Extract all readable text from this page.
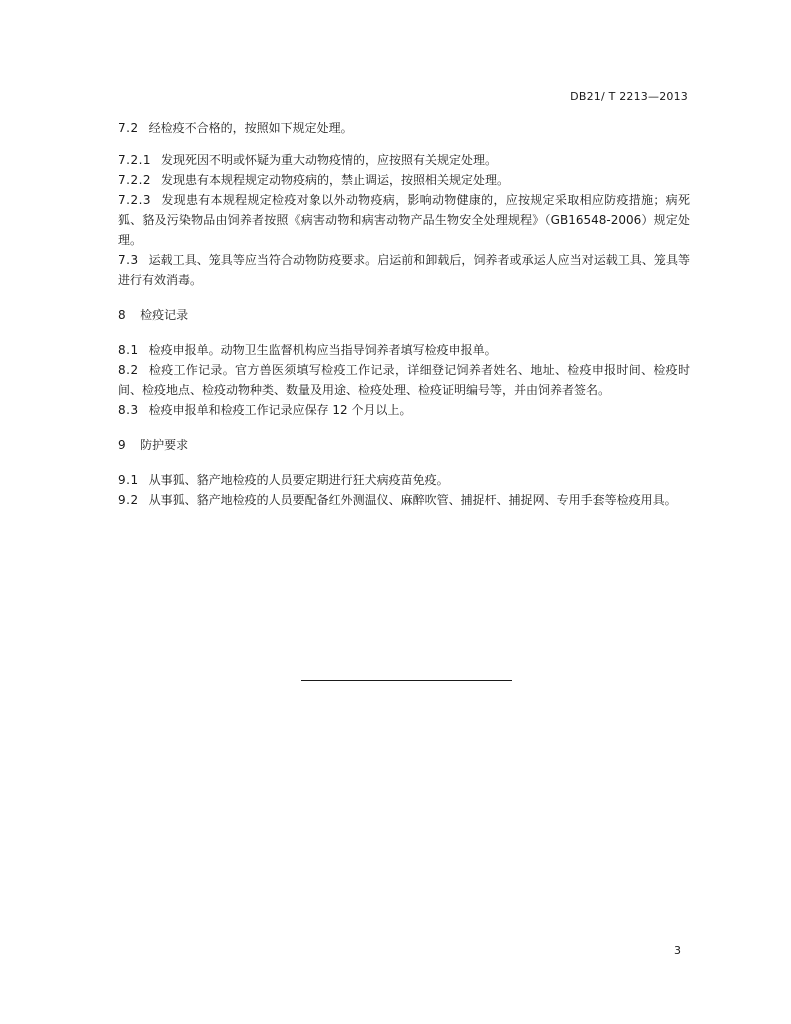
DB21/ T 2213—2013

7.2 经检疫不合格的，按照如下规定处理。

7.2.1 发现死因不明或怀疑为重大动物疫情的，应按照有关规定处理。

7.2.2 发现患有本规程规定动物疫病的，禁止调运，按照相关规定处理。

7.2.3 发现患有本规程规定检疫对象以外动物疫病，影响动物健康的，应按规定采取相应防疫措施；病死狐、貉及污染物品由饲养者按照《病害动物和病害动物产品生物安全处理规程》（GB16548-2006）规定处理。

7.3 运载工具、笼具等应当符合动物防疫要求。启运前和卸载后，饲养者或承运人应当对运载工具、笼具等进行有效消毒。

8 检疫记录

8.1 检疫申报单。动物卫生监督机构应当指导饲养者填写检疫申报单。

8.2 检疫工作记录。官方兽医须填写检疫工作记录，详细登记饲养者姓名、地址、检疫申报时间、检疫时间、检疫地点、检疫动物种类、数量及用途、检疫处理、检疫证明编号等，并由饲养者签名。

8.3 检疫申报单和检疫工作记录应保存 12 个月以上。

9 防护要求

9.1 从事狐、貉产地检疫的人员要定期进行狂犬病疫苗免疫。

9.2 从事狐、貉产地检疫的人员要配备红外测温仪、麻醉吹管、捕捉杆、捕捉网、专用手套等检疫用具。

3
